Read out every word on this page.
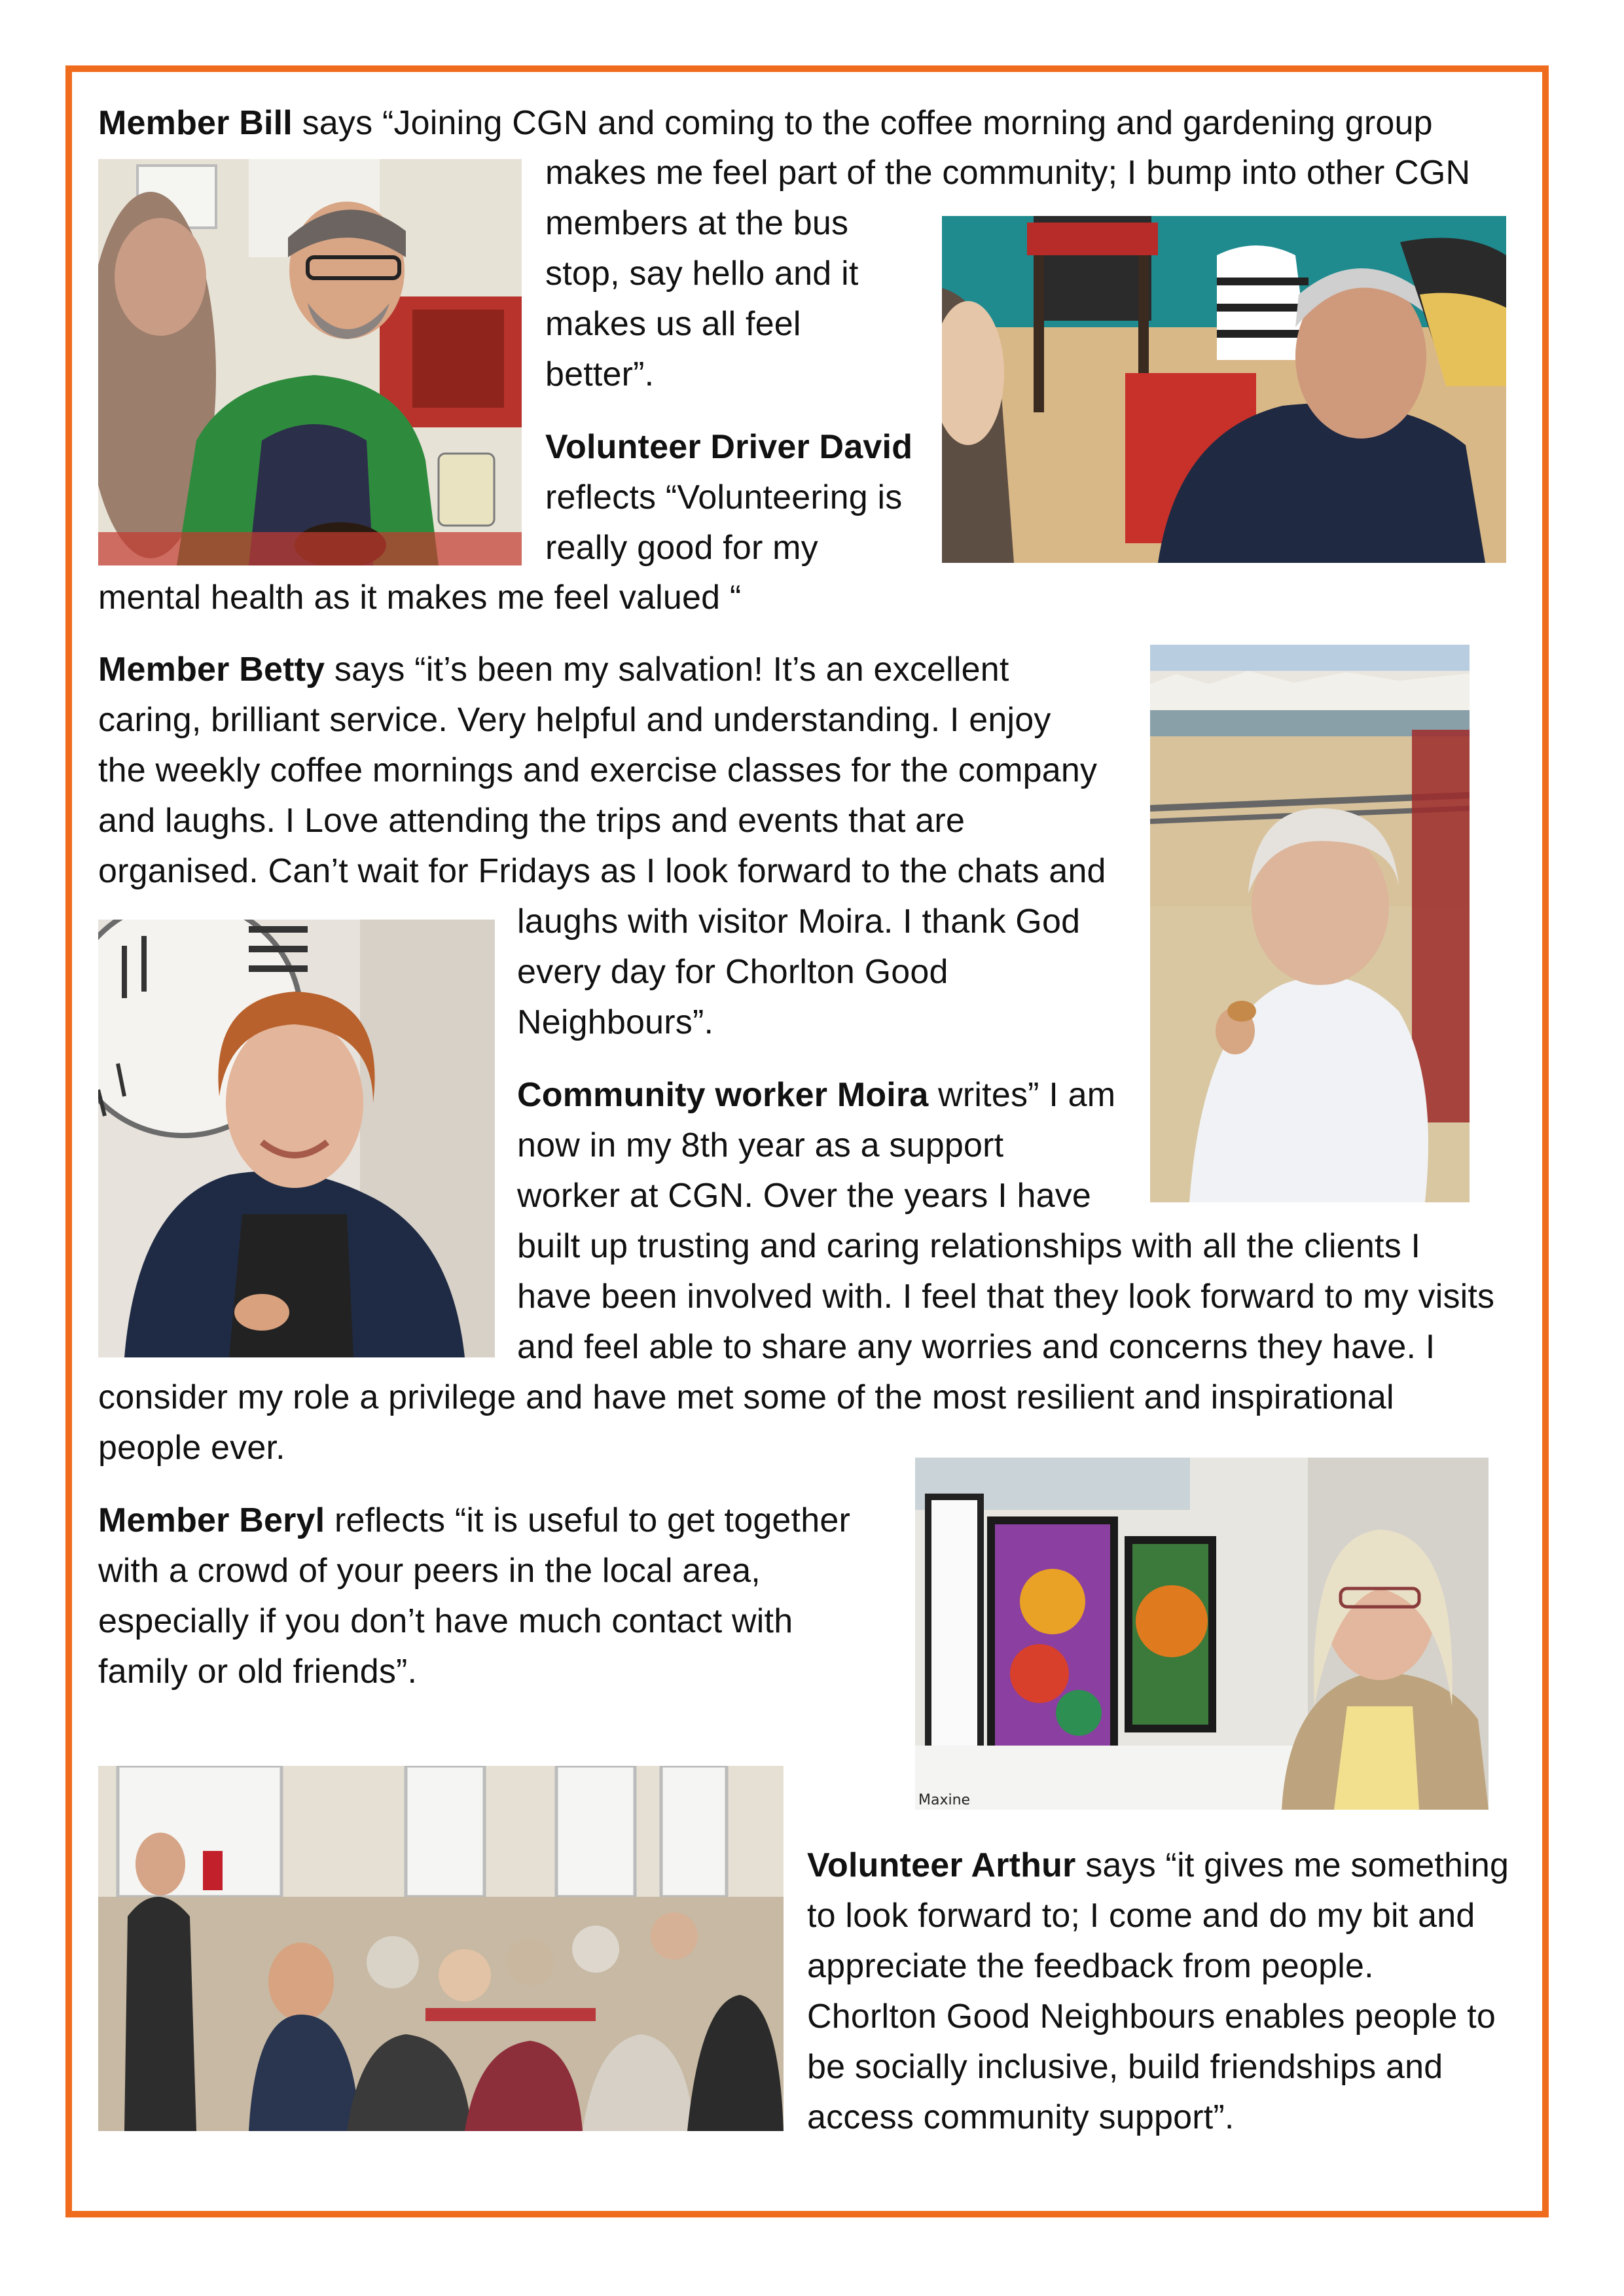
Member Bill says “Joining CGN and coming to the coffee morning and gardening group
makes me feel part of the community; I bump into other CGN
members at the bus
stop, say hello and it
makes us all feel
better”.
Volunteer Driver David
reflects “Volunteering is
really good for my
mental health as it makes me feel valued “
Member Betty says “it’s been my salvation! It’s an excellent
caring, brilliant service. Very helpful and understanding. I enjoy
the weekly coffee mornings and exercise classes for the company
and laughs. I Love attending the trips and events that are
organised. Can’t wait for Fridays as I look forward to the chats and
laughs with visitor Moira. I thank God
every day for Chorlton Good
Neighbours”.
Community worker Moira writes” I am
now in my 8th year as a support
worker at CGN. Over the years I have
built up trusting and caring relationships with all the clients I
have been involved with. I feel that they look forward to my visits
and feel able to share any worries and concerns they have. I
consider my role a privilege and have met some of the most resilient and inspirational
people ever.
Member Beryl reflects “it is useful to get together
with a crowd of your peers in the local area,
especially if you don’t have much contact with
family or old friends”.
Maxine
Volunteer Arthur says “it gives me something
to look forward to; I come and do my bit and
appreciate the feedback from people.
Chorlton Good Neighbours enables people to
be socially inclusive, build friendships and
access community support”.
